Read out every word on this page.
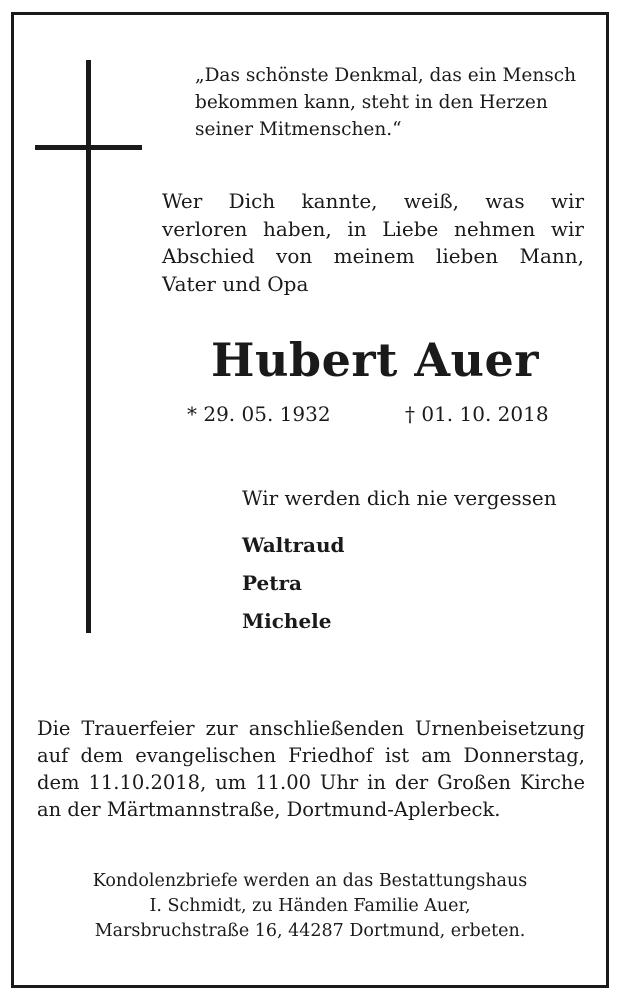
„Das schönste Denkmal, das ein Mensch
bekommen kann, steht in den Herzen
seiner Mitmenschen.“

Wer Dich kannte, weiß, was wir
verloren haben, in Liebe nehmen wir
Abschied von meinem lieben Mann,
Vater und Opa

Hubert Auer
* 29. 05. 1932	† 01. 10. 2018
Wir werden dich nie vergessen
Waltraud
Petra
Michele

Die Trauerfeier zur anschließenden Urnenbeisetzung
auf dem evangelischen Friedhof ist am Donnerstag,
dem 11.10.2018, um 11.00 Uhr in der Großen Kirche
an der Märtmannstraße, Dortmund-Aplerbeck.

Kondolenzbriefe werden an das Bestattungshaus
I. Schmidt, zu Händen Familie Auer,
Marsbruchstraße 16, 44287 Dortmund, erbeten.
